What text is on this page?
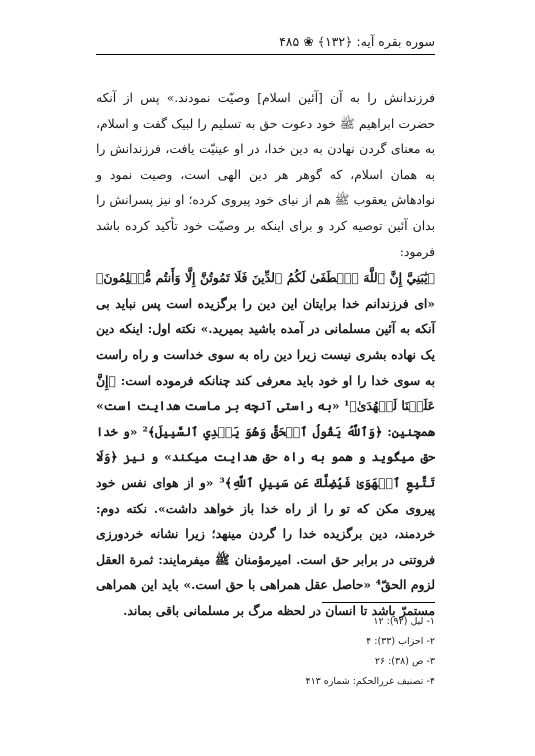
سوره بقره آیه: ﴿۱۳۲﴾ ❀ ۴۸۵

فرزندانش را به آن [آئین اسلام] وصیّت نمودند.» پس از آنکه حضرت ابراهیم ﷺ خود دعوت حق به تسلیم را لبیک گفت و اسلام، به معنای گردن نهادن به دین خدا، در او عینیّت یافت، فرزندانش را به همان اسلام، که گوهر هر دین الهی است، وصیت نمود و نوادهاش یعقوب ﷺ هم از نیای خود پیروی کرده؛ او نیز پسرانش را بدان آئین توصیه کرد و برای اینکه بر وصیّت خود تأکید کرده باشد فرمود:

﴿يَٰبَنِيَّ إِنَّ ٱللَّهَ ٱصۡطَفَىٰ لَكُمُ ٱلدِّينَ فَلَا تَمُوتُنَّ إِلَّا وَأَنتُم مُّسۡلِمُونَ﴾ «ای فرزندانم خدا برایتان این دین را برگزیده است پس نباید بی آنکه به آئین مسلمانی در آمده باشید بمیرید.» نکته اول: اینکه دین یک نهاده بشری نیست زیرا دین راه به سوی خداست و راه راست به سوی خدا را او خود باید معرفی کند چنانکه فرموده است: ﴿إِنَّ عَلَيۡنَا لَلۡهُدَىٰ﴾¹ «به راستی آنچه بر ماست هدایت است» همچنین: ﴿وَٱللَّهُ يَقُولُ ٱلۡحَقَّ وَهُوَ يَهۡدِي ٱلسَّبِيلَ﴾² «و خدا حق میگوید و همو به راه حق هدایت میکند» و نیز ﴿وَلَا تَتَّبِعِ ٱلۡهَوَىٰ فَيُضِلَّكَ عَن سَبِيلِ ٱللَّهِ﴾³ «و از هوای نفس خود پیروی مکن که تو را از راه خدا باز خواهد داشت». نکته دوم: خردمند، دین برگزیده خدا را گردن مینهد؛ زیرا نشانه خردورزی فروتنی در برابر حق است. امیرمؤمنان ﷺ میفرمایند: ثمرة العقل لزوم الحقّ⁴ «حاصل عقل همراهی با حق است.» باید این همراهی مستمرّ باشد تا انسان در لحظه مرگ بر مسلمانی باقی بماند.

۱- لیل (۹۲): ۱۲
۲- احزاب (۳۳): ۴
۳- ص (۳۸): ۲۶
۴- تصنیف غررالحکم: شماره ۴۱۳
